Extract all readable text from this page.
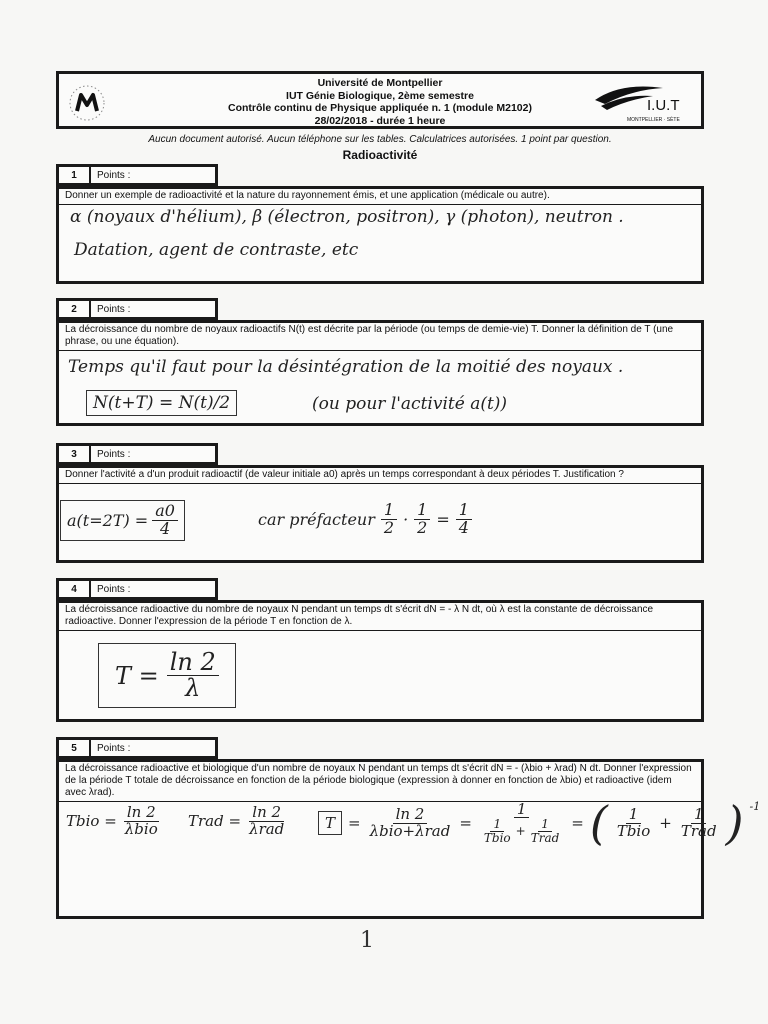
Université de Montpellier
IUT Génie Biologique, 2ème semestre
Contrôle continu de Physique appliquée n. 1 (module M2102)
28/02/2018 - durée 1 heure
I.U.T
MONTPELLIER · SÈTE
Aucun document autorisé. Aucun téléphone sur les tables. Calculatrices autorisées. 1 point par question.
Radioactivité
1	Points :
Donner un exemple de radioactivité et la nature du rayonnement émis, et une application (médicale ou autre).
α (noyaux d'hélium), β (électron, positron), γ (photon), neutron .
Datation, agent de contraste, etc
2	Points :
La décroissance du nombre de noyaux radioactifs N(t) est décrite par la période (ou temps de demie-vie) T. Donner la définition de T (une phrase, ou une équation).
Temps qu'il faut pour la désintégration de la moitié des noyaux .
N(t+T) = N(t)/2	(ou pour l'activité a(t))
3	Points :
Donner l'activité a d'un produit radioactif (de valeur initiale a0) après un temps correspondant à deux périodes T. Justification ?
$a(t=2T) = \frac{a0}{4}$	car préfacteur $\frac{1}{2} \cdot \frac{1}{2} = \frac{1}{4}$
4	Points :
La décroissance radioactive du nombre de noyaux N pendant un temps dt s'écrit dN = - λ N dt, où λ est la constante de décroissance radioactive. Donner l'expression de la période T en fonction de λ.
$T = \frac{\ln 2}{\lambda}$
5	Points :
La décroissance radioactive et biologique d'un nombre de noyaux N pendant un temps dt s'écrit dN = - (λbio + λrad) N dt. Donner l'expression de la période T totale de décroissance en fonction de la période biologique (expression à donner en fonction de λbio) et radioactive (idem avec λrad).
Tbio = $\frac{\ln 2}{\text{λbio}}$ Trad = $\frac{\ln 2}{\text{λrad}}$	$T = \frac{\ln 2}{\text{λbio+λrad}} = \frac{1}{\frac{1}{\text{Tbio}} + \frac{1}{\text{Trad}}}$ = ( $\frac{1}{\text{Tbio}} + \frac{1}{\text{Trad}}$ ) $^{-1}$
1
